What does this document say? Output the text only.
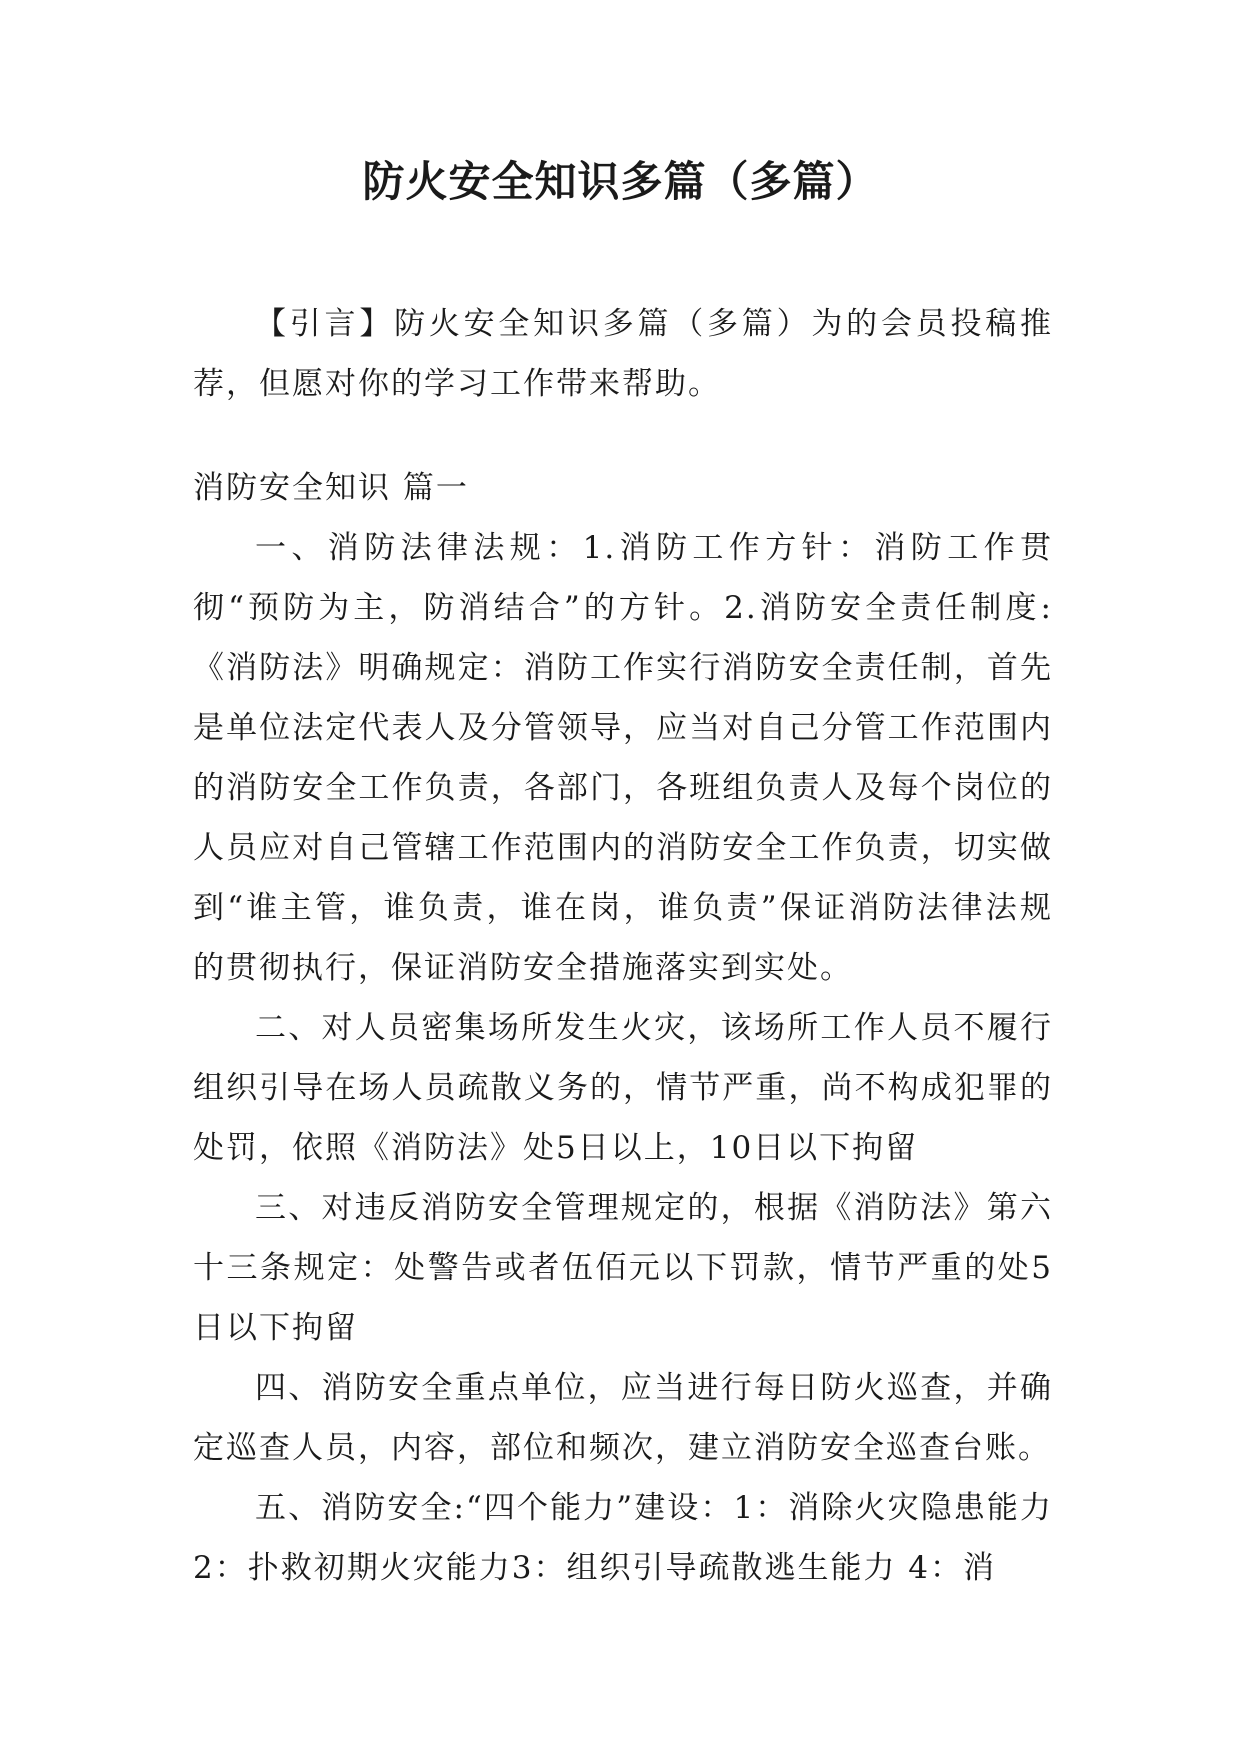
防火安全知识多篇（多篇）

【引言】防火安全知识多篇（多篇）为的会员投稿推荐，但愿对你的学习工作带来帮助。

消防安全知识 篇一

一、消防法律法规：1.消防工作方针：消防工作贯彻“预防为主，防消结合”的方针。2.消防安全责任制度:《消防法》明确规定：消防工作实行消防安全责任制，首先是单位法定代表人及分管领导，应当对自己分管工作范围内的消防安全工作负责，各部门，各班组负责人及每个岗位的人员应对自己管辖工作范围内的消防安全工作负责，切实做到“谁主管，谁负责，谁在岗，谁负责”保证消防法律法规的贯彻执行，保证消防安全措施落实到实处。

二、对人员密集场所发生火灾，该场所工作人员不履行组织引导在场人员疏散义务的，情节严重，尚不构成犯罪的处罚，依照《消防法》处5日以上，10日以下拘留

三、对违反消防安全管理规定的，根据《消防法》第六十三条规定：处警告或者伍佰元以下罚款，情节严重的处5日以下拘留

四、消防安全重点单位，应当进行每日防火巡查，并确定巡查人员，内容，部位和频次，建立消防安全巡查台账。

五、消防安全:“四个能力”建设：1：消除火灾隐患能力 2：扑救初期火灾能力3：组织引导疏散逃生能力 4：消
